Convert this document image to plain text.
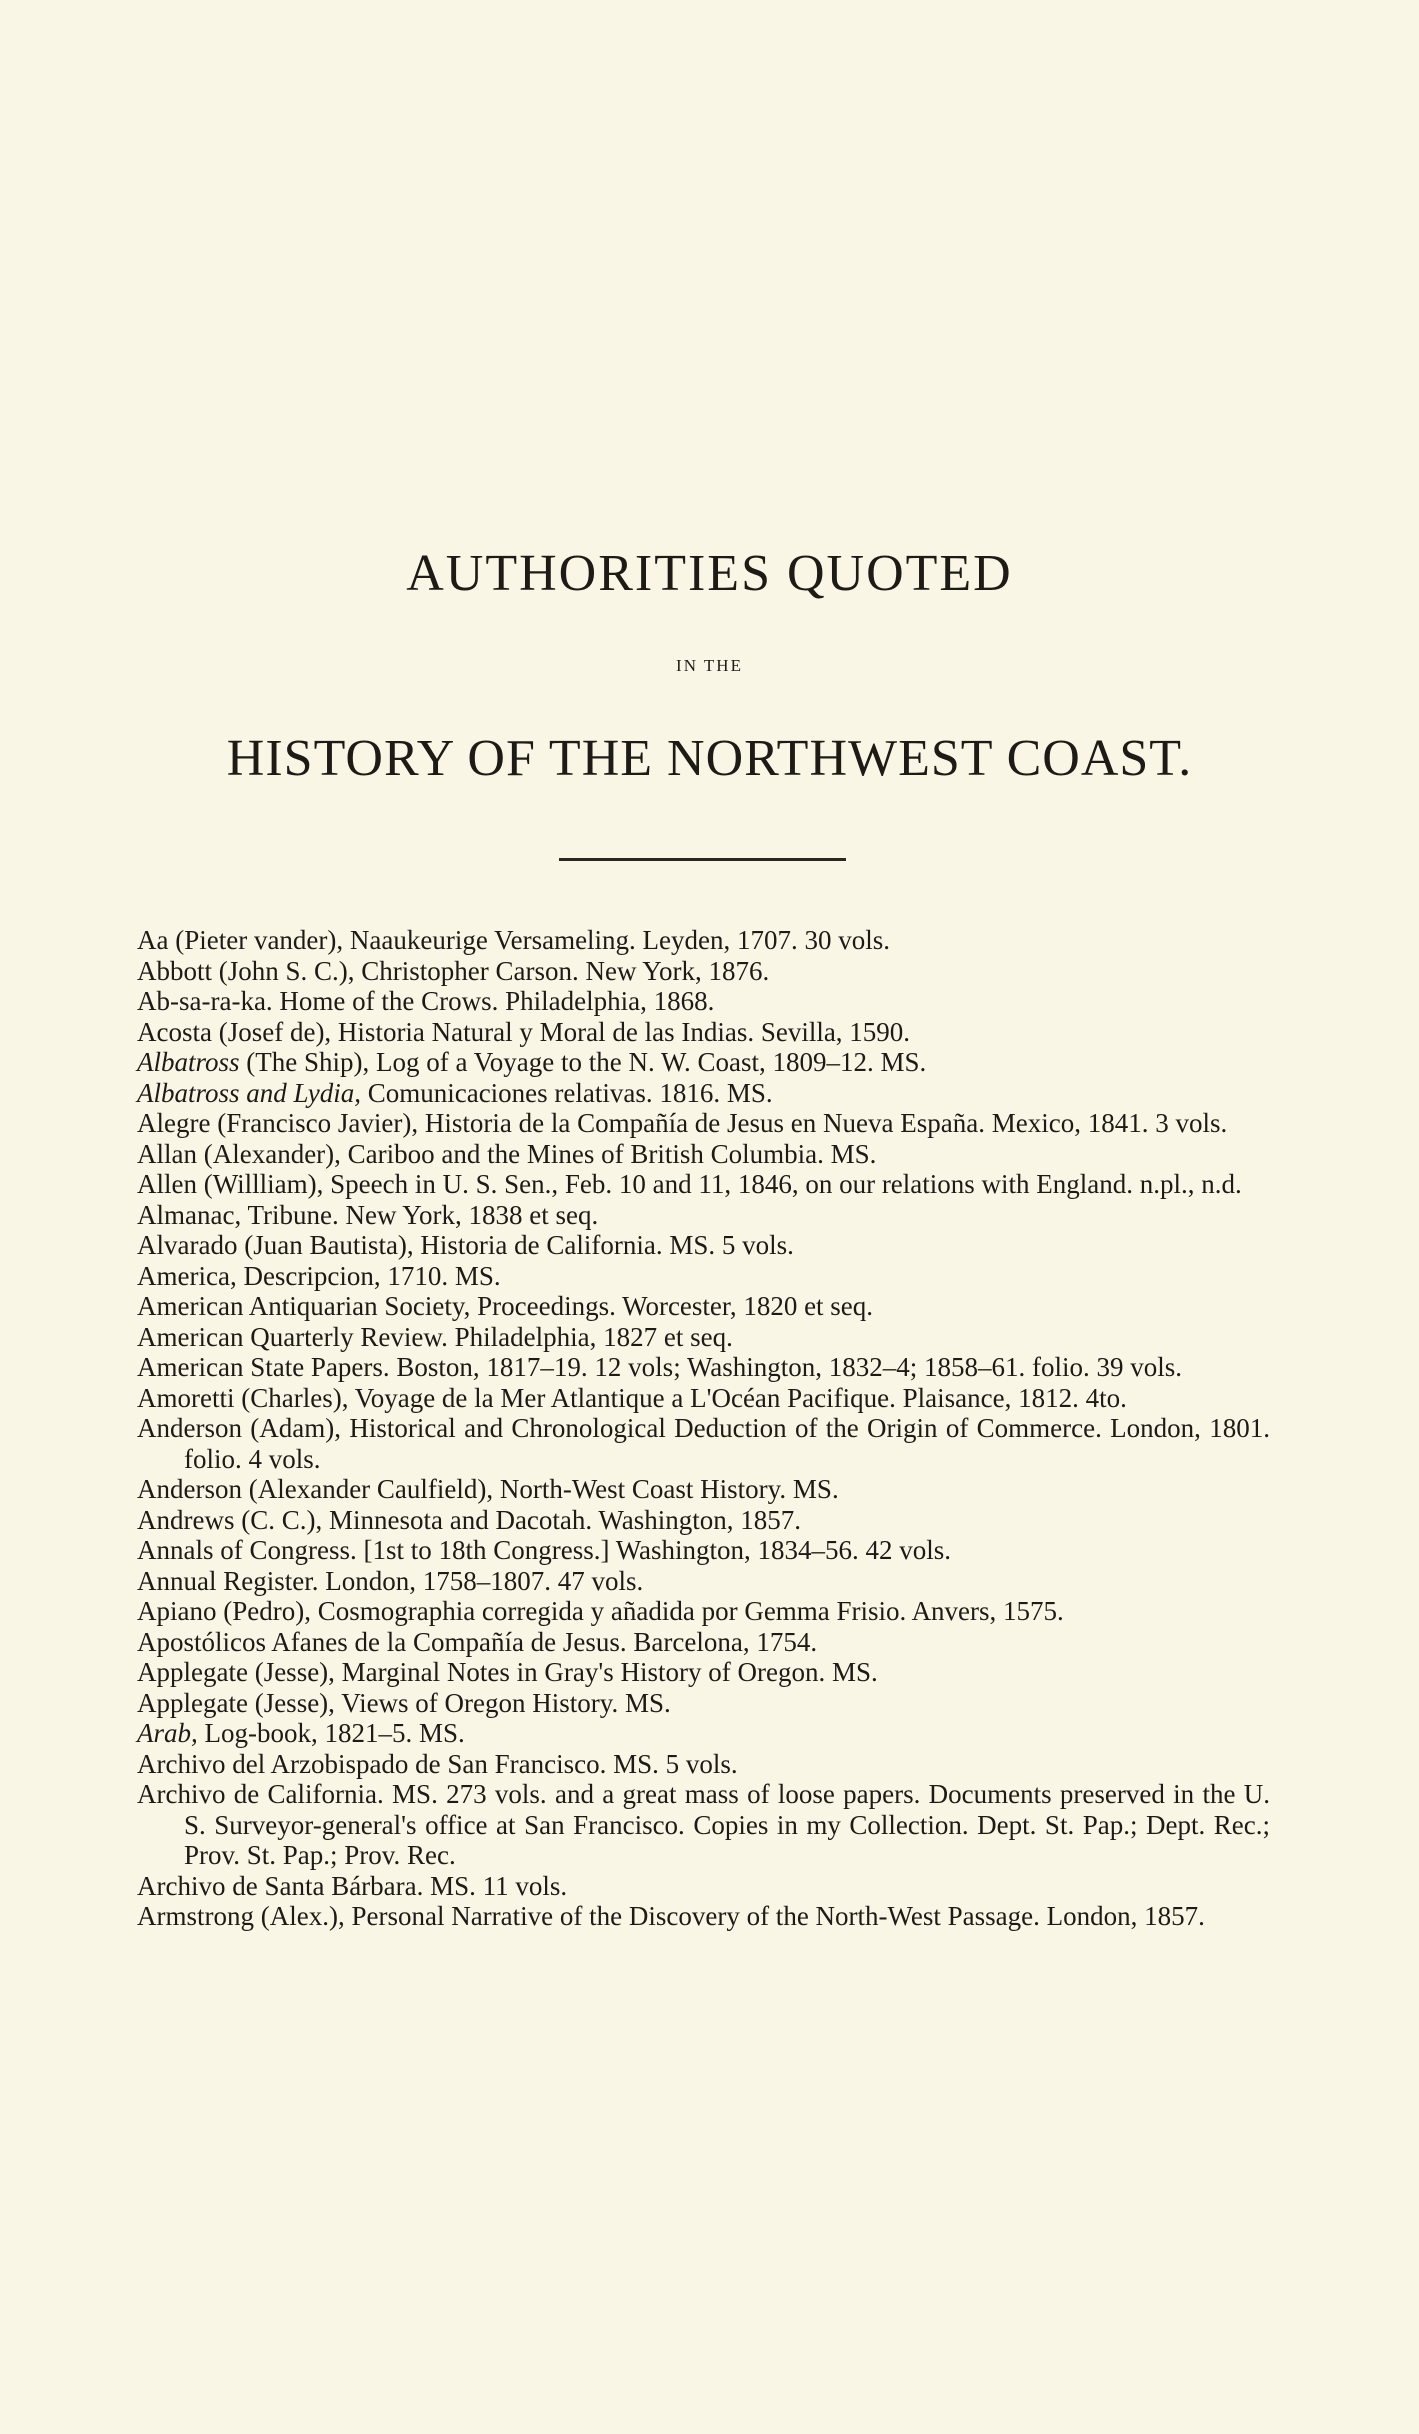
AUTHORITIES QUOTED
IN THE
HISTORY OF THE NORTHWEST COAST.
Aa (Pieter vander), Naaukeurige Versameling. Leyden, 1707. 30 vols.
Abbott (John S. C.), Christopher Carson. New York, 1876.
Ab-sa-ra-ka. Home of the Crows. Philadelphia, 1868.
Acosta (Josef de), Historia Natural y Moral de las Indias. Sevilla, 1590.
Albatross (The Ship), Log of a Voyage to the N. W. Coast, 1809–12. MS.
Albatross and Lydia, Comunicaciones relativas. 1816. MS.
Alegre (Francisco Javier), Historia de la Compañía de Jesus en Nueva España. Mexico, 1841. 3 vols.
Allan (Alexander), Cariboo and the Mines of British Columbia. MS.
Allen (Willliam), Speech in U. S. Sen., Feb. 10 and 11, 1846, on our relations with England. n.pl., n.d.
Almanac, Tribune. New York, 1838 et seq.
Alvarado (Juan Bautista), Historia de California. MS. 5 vols.
America, Descripcion, 1710. MS.
American Antiquarian Society, Proceedings. Worcester, 1820 et seq.
American Quarterly Review. Philadelphia, 1827 et seq.
American State Papers. Boston, 1817–19. 12 vols; Washington, 1832–4; 1858–61. folio. 39 vols.
Amoretti (Charles), Voyage de la Mer Atlantique a L'Océan Pacifique. Plaisance, 1812. 4to.
Anderson (Adam), Historical and Chronological Deduction of the Origin of Commerce. London, 1801. folio. 4 vols.
Anderson (Alexander Caulfield), North-West Coast History. MS.
Andrews (C. C.), Minnesota and Dacotah. Washington, 1857.
Annals of Congress. [1st to 18th Congress.] Washington, 1834–56. 42 vols.
Annual Register. London, 1758–1807. 47 vols.
Apiano (Pedro), Cosmographia corregida y añadida por Gemma Frisio. Anvers, 1575.
Apostólicos Afanes de la Compañía de Jesus. Barcelona, 1754.
Applegate (Jesse), Marginal Notes in Gray's History of Oregon. MS.
Applegate (Jesse), Views of Oregon History. MS.
Arab, Log-book, 1821–5. MS.
Archivo del Arzobispado de San Francisco. MS. 5 vols.
Archivo de California. MS. 273 vols. and a great mass of loose papers. Documents preserved in the U. S. Surveyor-general's office at San Francisco. Copies in my Collection. Dept. St. Pap.; Dept. Rec.; Prov. St. Pap.; Prov. Rec.
Archivo de Santa Bárbara. MS. 11 vols.
Armstrong (Alex.), Personal Narrative of the Discovery of the North-West Passage. London, 1857.
